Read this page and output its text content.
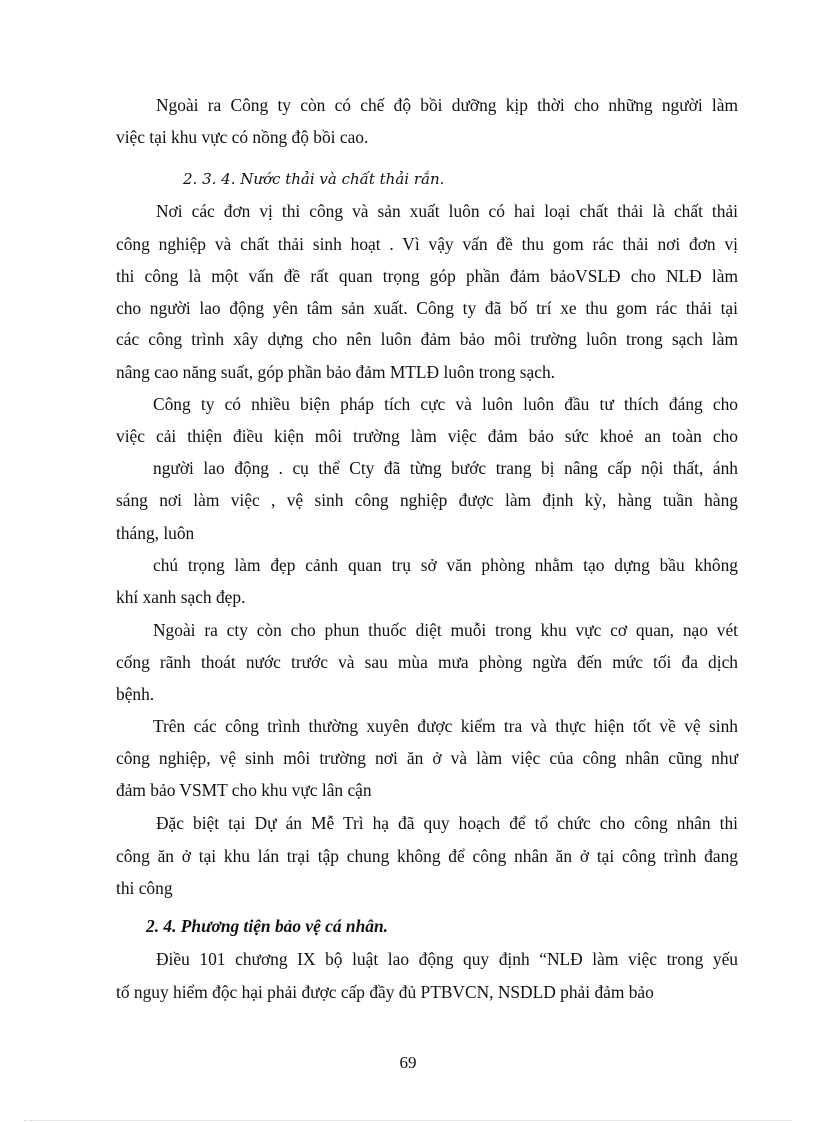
Ngoài ra Công ty còn có chế độ bồi dưỡng kịp thời cho những người làm
việc tại khu vực có nồng độ bồi cao.
2. 3. 4. Nước thải và chất thải rắn.
Nơi các đơn vị thi công và sản xuất luôn có hai loại chất thải là chất thải
công nghiệp và chất thải sinh hoạt . Vì vậy vấn đề thu gom rác thải nơi đơn vị
thi công là một vấn đề rất quan trọng góp phần đảm bảoVSLĐ cho NLĐ làm
cho người lao động yên tâm sản xuất. Công ty đã bố trí xe thu gom rác thải tại
các công trình xây dựng cho nên luôn đảm bảo môi trường luôn trong sạch làm
nâng cao năng suất, góp phần bảo đảm MTLĐ luôn trong sạch.
Công ty có nhiều biện pháp tích cực và luôn luôn đầu tư thích đáng cho
việc cải thiện điều kiện môi trường làm việc đảm bảo sức khoẻ an toàn cho
người lao động . cụ thể Cty đã từng bước trang bị nâng cấp nội thất, ánh
sáng nơi làm việc , vệ sinh công nghiệp được làm định kỳ, hàng tuần hàng
tháng, luôn
chú trọng làm đẹp cảnh quan trụ sở văn phòng nhằm tạo dựng bầu không
khí xanh sạch đẹp.
Ngoài ra cty còn cho phun thuốc diệt muỗi trong khu vực cơ quan, nạo vét
cống rãnh thoát nước trước và sau mùa mưa phòng ngừa đến mức tối đa dịch
bệnh.
Trên các công trình thường xuyên được kiểm tra và thực hiện tốt về vệ sinh
công nghiệp, vệ sinh môi trường nơi ăn ở và làm việc của công nhân cũng như
đảm bảo VSMT cho khu vực lân cận
Đặc biệt tại Dự án Mễ Trì hạ đã quy hoạch để tổ chức cho công nhân thi
công ăn ở tại khu lán trại tập chung không để công nhân ăn ở tại công trình đang
thi công
2. 4. Phương tiện bảo vệ cá nhân.
Điều 101 chương IX bộ luật lao động quy định “NLĐ làm việc trong yếu
tố nguy hiểm độc hại phải được cấp đầy đủ PTBVCN, NSDLD phải đảm bảo
69
